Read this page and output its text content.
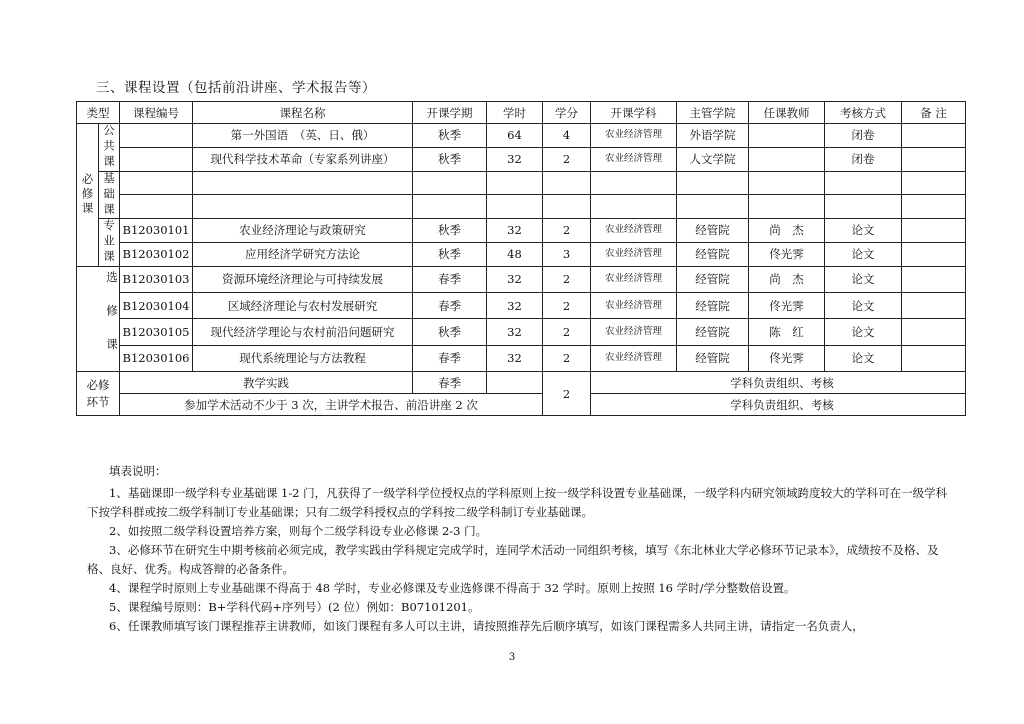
三、课程设置（包括前沿讲座、学术报告等）
类型		课程编号	课程名称	开课学期	学时	学分	开课学科	主管学院	任课教师	考核方式	备 注
必修课	公共课		第一外国语　（英、日、俄）	秋季	64	4	农业经济管理	外语学院		闭卷	
			现代科学技术革命（专家系列讲座）	秋季	32	2	农业经济管理	人文学院		闭卷	
	基础课										

	专业课	B12030101	农业经济理论与政策研究	秋季	32	2	农业经济管理	经管院	尚　杰	论文	
		B12030102	应用经济学研究方法论	秋季	48	3	农业经济管理	经管院	佟光霁	论文	
选修课		B12030103	资源环境经济理论与可持续发展	春季	32	2	农业经济管理	经管院	尚　杰	论文	
		B12030104	区域经济理论与农村发展研究	春季	32	2	农业经济管理	经管院	佟光霁	论文	
		B12030105	现代经济学理论与农村前沿问题研究	秋季	32	2	农业经济管理	经管院	陈　红	论文	
		B12030106	现代系统理论与方法教程	春季	32	2	农业经济管理	经管院	佟光霁	论文	
必修环节		教学实践		春季		2	学科负责组织、考核				
		参加学术活动不少于 3 次，主讲学术报告、前沿讲座 2 次					学科负责组织、考核				

填表说明：

1、基础课即一级学科专业基础课 1-2 门，凡获得了一级学科学位授权点的学科原则上按一级学科设置专业基础课，一级学科内研究领域跨度较大的学科可在一级学科下按学科群或按二级学科制订专业基础课；只有二级学科授权点的学科按二级学科制订专业基础课。

2、如按照二级学科设置培养方案，则每个二级学科设专业必修课 2-3 门。

3、必修环节在研究生中期考核前必须完成，教学实践由学科规定完成学时，连同学术活动一同组织考核，填写《东北林业大学必修环节记录本》，成绩按不及格、及格、良好、优秀。构成答辩的必备条件。

4、课程学时原则上专业基础课不得高于 48 学时，专业必修课及专业选修课不得高于 32 学时。原则上按照 16 学时/学分整数倍设置。

5、课程编号原则：B+学科代码+序列号）(2 位）例如：B07101201。

6、任课教师填写该门课程推荐主讲教师，如该门课程有多人可以主讲，请按照推荐先后顺序填写，如该门课程需多人共同主讲，请指定一名负责人，

3
